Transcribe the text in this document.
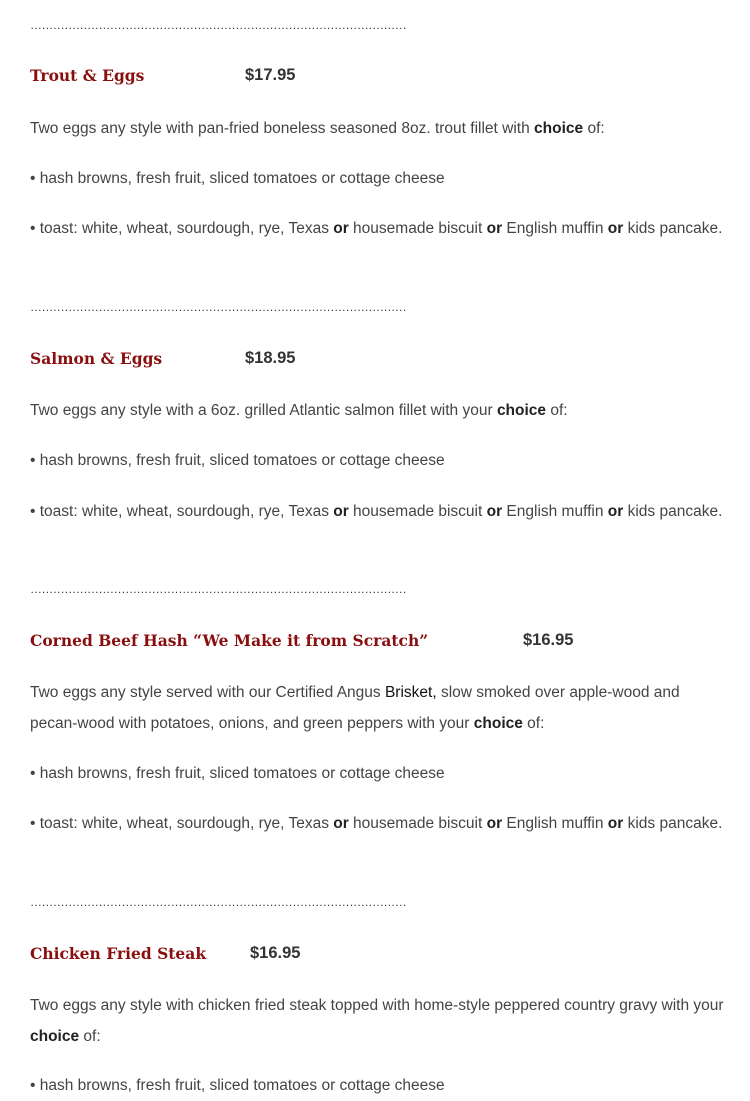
………………………………………………………………………………………
Trout & Eggs	$17.95
Two eggs any style with pan-fried boneless seasoned 8oz. trout fillet with choice of:
• hash browns, fresh fruit, sliced tomatoes or cottage cheese
• toast: white, wheat, sourdough, rye, Texas or housemade biscuit or English muffin or kids pancake.
………………………………………………………………………………………
Salmon & Eggs	$18.95
Two eggs any style with a 6oz. grilled Atlantic salmon fillet with your choice of:
• hash browns, fresh fruit, sliced tomatoes or cottage cheese
• toast: white, wheat, sourdough, rye, Texas or housemade biscuit or English muffin or kids pancake.
………………………………………………………………………………………
Corned Beef Hash “We Make it from Scratch”	$16.95
Two eggs any style served with our Certified Angus Brisket, slow smoked over apple-wood and pecan-wood with potatoes, onions, and green peppers with your choice of:
• hash browns, fresh fruit, sliced tomatoes or cottage cheese
• toast: white, wheat, sourdough, rye, Texas or housemade biscuit or English muffin or kids pancake.
………………………………………………………………………………………
Chicken Fried Steak	$16.95
Two eggs any style with chicken fried steak topped with home-style peppered country gravy with your choice of:
• hash browns, fresh fruit, sliced tomatoes or cottage cheese
